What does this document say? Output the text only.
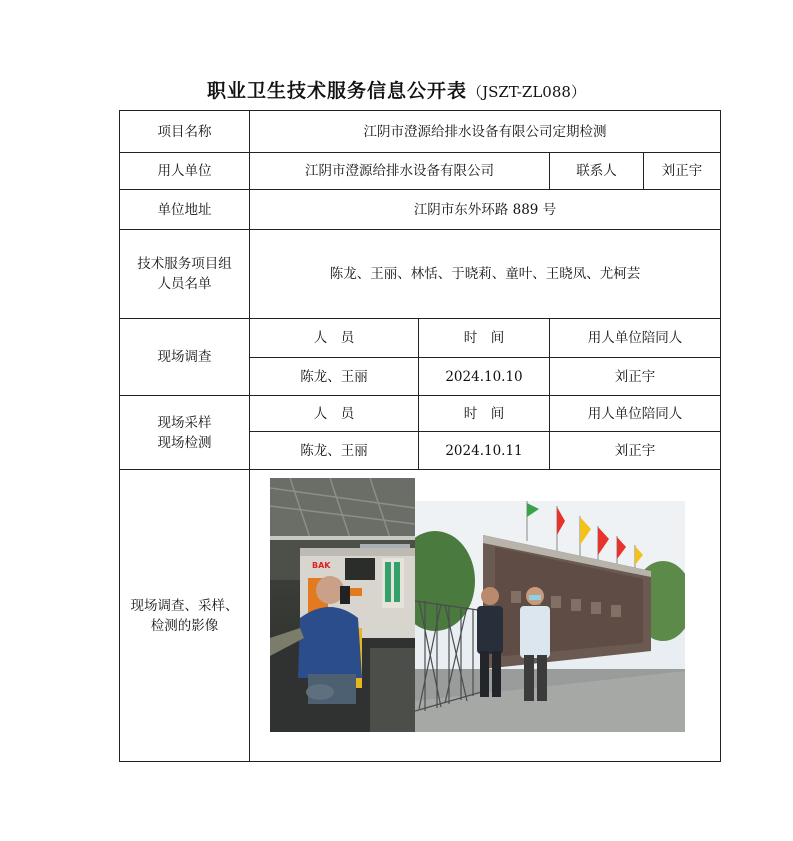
职业卫生技术服务信息公开表（JSZT-ZL088）
项目名称	江阴市澄源给排水设备有限公司定期检测			
用人单位	江阴市澄源给排水设备有限公司		联系人	刘正宇
单位地址	江阴市东外环路 889 号			

技术服务项目组
人员名单	陈龙、王丽、林恬、于晓莉、童叶、王晓凤、尤柯芸			
现场调查	人　员	时　间	用人单位陪同人	
	陈龙、王丽	2024.10.10	刘正宇	

现场采样
现场检测	人　员	时　间	用人单位陪同人	
	陈龙、王丽	2024.10.11	刘正宇	

现场调查、采样、
检测的影像	BAK			
